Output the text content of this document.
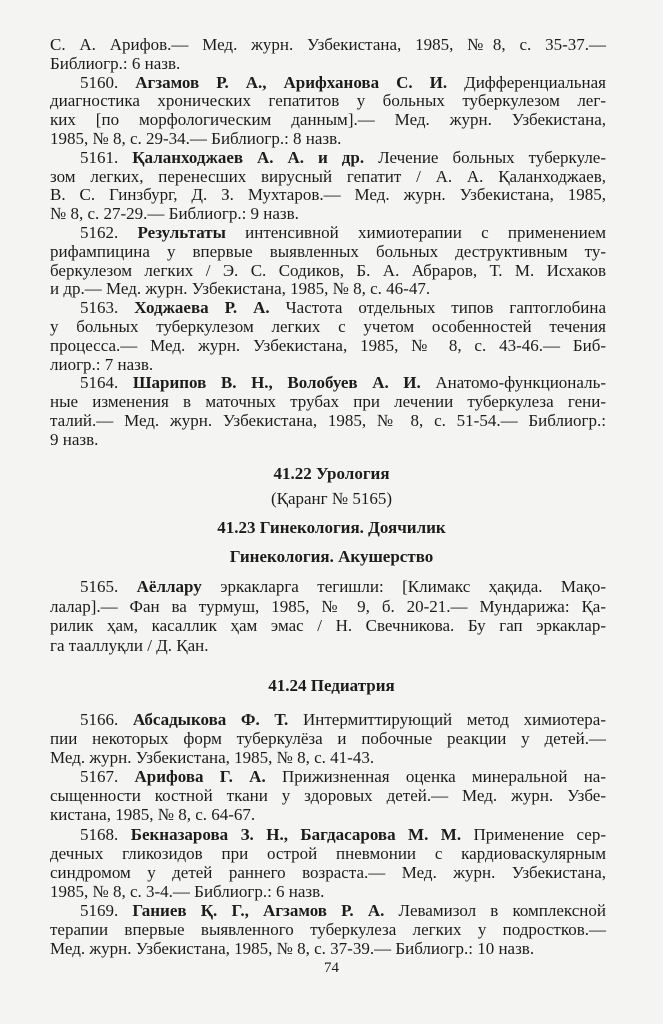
С. А. Арифов.— Мед. журн. Узбекистана, 1985, №8, с. 35-37.—
Библиогр.: 6 назв.
5160. Агзамов Р. А., Арифханова С. И. Дифференциальная
диагностика хронических гепатитов у больных туберкулезом лег-
ких [по морфологическим данным].— Мед. журн. Узбекистана,
1985, № 8, с. 29-34.— Библиогр.: 8 назв.
5161. Қаланходжаев А. А. и др. Лечение больных туберкуле-
зом легких, перенесших вирусный гепатит / А. А. Қаланходжаев,
В. С. Гинзбург, Д. З. Мухтаров.— Мед. журн. Узбекистана, 1985,
№ 8, с. 27-29.— Библиогр.: 9 назв.
5162. Результаты интенсивной химиотерапии с применением
рифампицина у впервые выявленных больных деструктивным ту-
беркулезом легких / Э. С. Содиков, Б. А. Абраров, Т. М. Исхаков
и др.— Мед. журн. Узбекистана, 1985, № 8, с. 46-47.
5163. Ходжаева Р. А. Частота отдельных типов гаптоглобина
у больных туберкулезом легких с учетом особенностей течения
процесса.— Мед. журн. Узбекистана, 1985, № 8, с. 43-46.— Биб-
лиогр.: 7 назв.
5164. Шарипов В. Н., Волобуев А. И. Анатомо-функциональ-
ные изменения в маточных трубах при лечении туберкулеза гени-
талий.— Мед. журн. Узбекистана, 1985, № 8, с. 51-54.— Библиогр.:
9 назв.
41.22 Урология
(Қаранг № 5165)
41.23 Гинекология. Доячилик
Гинекология. Акушерство
5165. Аёллару эркакларга тегишли: [Климакс ҳақида. Мақо-
лалар].— Фан ва турмуш, 1985, № 9, б. 20-21.— Мундарижа: Қа-
рилик ҳам, касаллик ҳам эмас / Н. Свечникова. Бу гап эркаклар-
га тааллуқли / Д. Қан.
41.24 Педиатрия
5166. Абсадыкова Ф. Т. Интермиттирующий метод химиотера-
пии некоторых форм туберкулёза и побочные реакции у детей.—
Мед. журн. Узбекистана, 1985, № 8, с. 41-43.
5167. Арифова Г. А. Прижизненная оценка минеральной на-
сыщенности костной ткани у здоровых детей.— Мед. журн. Узбе-
кистана, 1985, № 8, с. 64-67.
5168. Бекназарова З. Н., Багдасарова М. М. Применение сер-
дечных гликозидов при острой пневмонии с кардиоваскулярным
синдромом у детей раннего возраста.— Мед. журн. Узбекистана,
1985, № 8, с. 3-4.— Библиогр.: 6 назв.
5169. Ганиев Қ. Г., Агзамов Р. А. Левамизол в комплексной
терапии впервые выявленного туберкулеза легких у подростков.—
Мед. журн. Узбекистана, 1985, № 8, с. 37-39.— Библиогр.: 10 назв.
74
